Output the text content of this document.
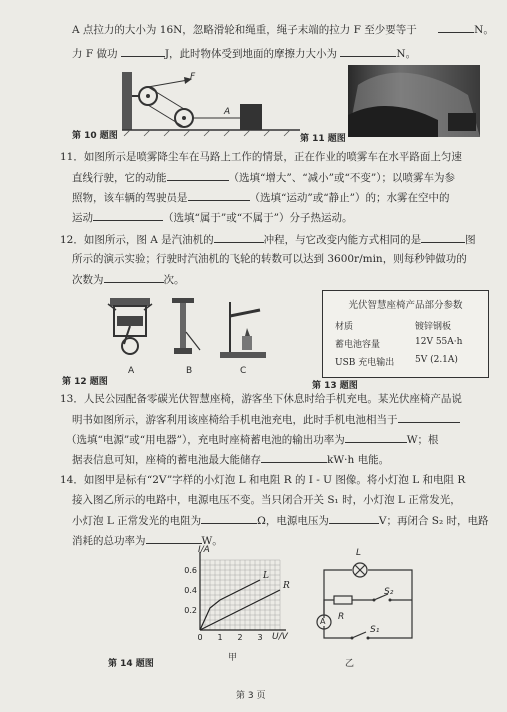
A 点拉力的大小为 16N，忽略滑轮和绳重，绳子末端的拉力 F 至少要等于	N。
力 F 做功	J，此时物体受到地面的摩擦力大小为	N。
F
A
第 10 题图	第 11 题图
11．如图所示是喷雾降尘车在马路上工作的情景，正在作业的喷雾车在水平路面上匀速
直线行驶，它的动能	（选填“增大”、“减小”或“不变”）；以喷雾车为参
照物，该车辆的驾驶员是	（选填“运动”或“静止”）的；水雾在空中的
运动	（选填“属于”或“不属于”）分子热运动。
12．如图所示，图 A 是汽油机的	冲程，与它改变内能方式相同的是	图
所示的演示实验；行驶时汽油机的飞轮的转数可以达到 3600r/min，则每秒钟做功的
次数为	次。
A	B	C
第 12 题图
光伏智慧座椅产品部分参数
材质	镀锌钢板
蓄电池容量	12V 55A·h
USB 充电输出 5V (2.1A)
第 13 题图
13．人民公园配备零碳光伏智慧座椅，游客坐下休息时给手机充电。某光伏座椅产品说
明书如图所示，游客利用该座椅给手机电池充电，此时手机电池相当于
（选填“电源”或“用电器”），充电时座椅蓄电池的输出功率为	W；根
据表信息可知，座椅的蓄电池最大能储存	kW·h 电能。
14．如图甲是标有“2V”字样的小灯泡 L 和电阻 R 的 I - U 图像。将小灯泡 L 和电阻 R
接入图乙所示的电路中，电源电压不变。当只闭合开关 S₁ 时，小灯泡 L 正常发光，
小灯泡 L 正常发光的电阻为	Ω，电源电压为	V；再闭合 S₂ 时，电路
消耗的总功率为	W。
0.6
0.4
0.2
0 1 2 3
L
R
I/A
U/V
甲
第 14 题图
L
R
A
S₂
S₁
乙
第 3 页
